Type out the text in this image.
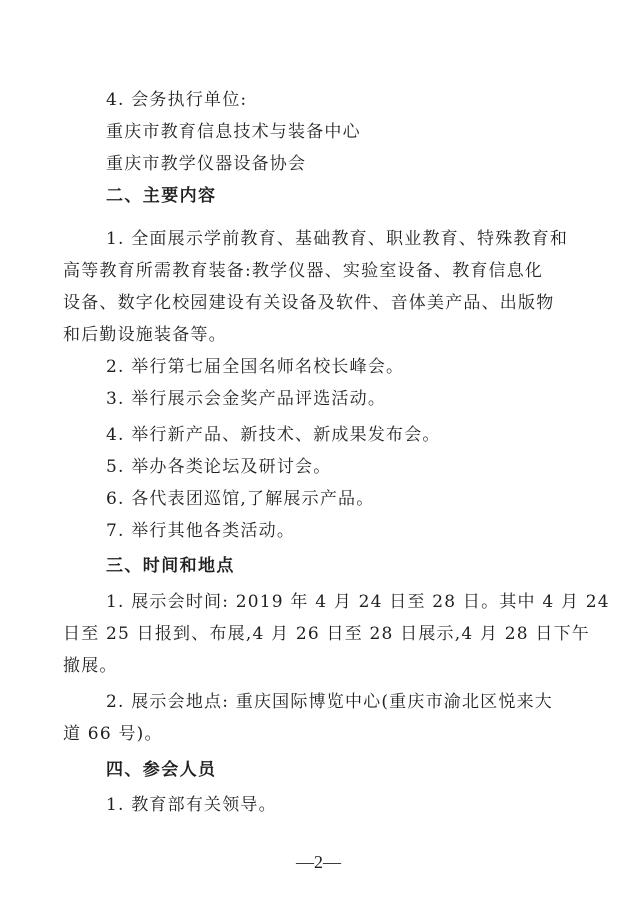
4. 会务执行单位:
重庆市教育信息技术与装备中心
重庆市教学仪器设备协会
二、主要内容
1. 全面展示学前教育、基础教育、职业教育、特殊教育和
高等教育所需教育装备:教学仪器、实验室设备、教育信息化
设备、数字化校园建设有关设备及软件、音体美产品、出版物
和后勤设施装备等。
2. 举行第七届全国名师名校长峰会。
3. 举行展示会金奖产品评选活动。
4. 举行新产品、新技术、新成果发布会。
5. 举办各类论坛及研讨会。
6. 各代表团巡馆,了解展示产品。
7. 举行其他各类活动。
三、时间和地点
1. 展示会时间: 2019 年 4 月 24 日至 28 日。其中 4 月 24
日至 25 日报到、布展,4 月 26 日至 28 日展示,4 月 28 日下午
撤展。
2. 展示会地点: 重庆国际博览中心(重庆市渝北区悦来大
道 66 号)。
四、参会人员
1. 教育部有关领导。
—2—
